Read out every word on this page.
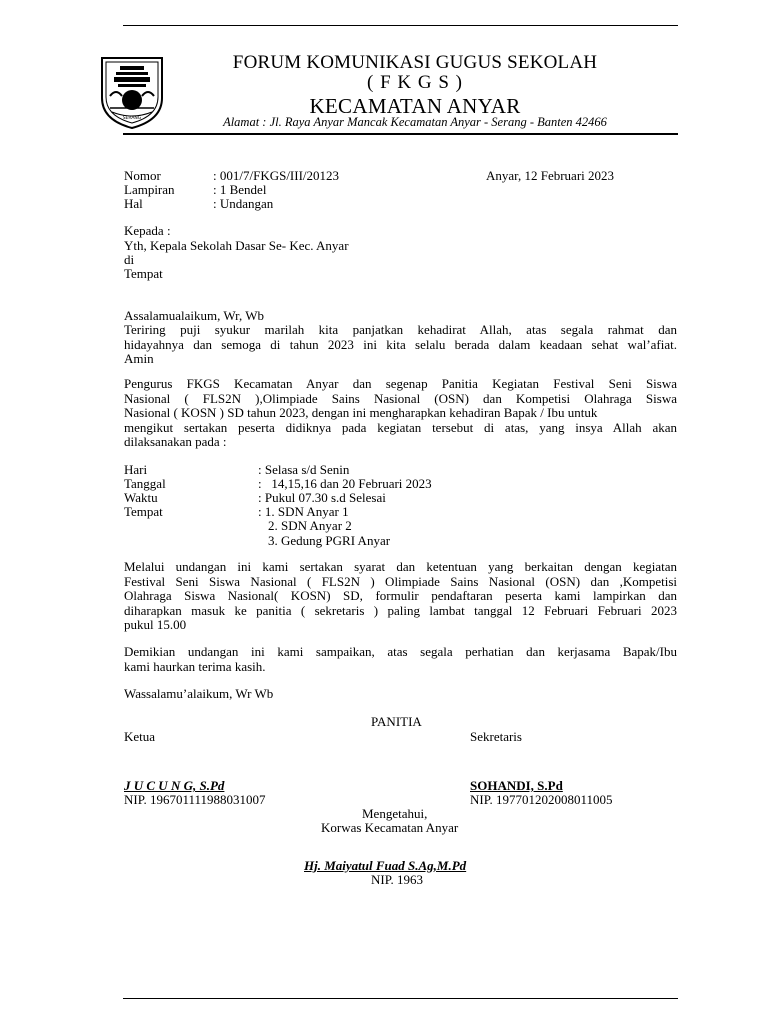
SERANG
FORUM KOMUNIKASI GUGUS SEKOLAH
( F K G S )
KECAMATAN ANYAR
Alamat : Jl. Raya Anyar Mancak Kecamatan Anyar - Serang - Banten 42466
Nomor	: 001/7/FKGS/III/20123	Anyar, 12 Februari 2023
Lampiran	: 1 Bendel
Hal	: Undangan
Kepada :
Yth, Kepala Sekolah Dasar Se- Kec. Anyar
di
Tempat
Assalamualaikum, Wr, Wb
Teriring puji syukur marilah kita panjatkan kehadirat Allah, atas segala rahmat dan
hidayahnya dan semoga di tahun 2023 ini kita selalu berada dalam keadaan sehat wal’afiat.
Amin
Pengurus FKGS Kecamatan Anyar dan segenap Panitia Kegiatan Festival Seni Siswa
Nasional ( FLS2N ),Olimpiade Sains Nasional (OSN) dan Kompetisi Olahraga Siswa
Nasional ( KOSN ) SD tahun 2023, dengan ini mengharapkan kehadiran Bapak / Ibu untuk
mengikut sertakan peserta didiknya pada kegiatan tersebut di atas, yang insya Allah akan
dilaksanakan pada :
Hari	: Selasa s/d Senin
Tanggal	:   14,15,16 dan 20 Februari 2023
Waktu	: Pukul 07.30 s.d Selesai
Tempat	: 1. SDN Anyar 1
2. SDN Anyar 2
3. Gedung PGRI Anyar
Melalui undangan ini kami sertakan syarat dan ketentuan yang berkaitan dengan kegiatan
Festival Seni Siswa Nasional ( FLS2N ) Olimpiade Sains Nasional (OSN) dan ,Kompetisi
Olahraga Siswa Nasional( KOSN) SD, formulir pendaftaran peserta kami lampirkan dan
diharapkan masuk ke panitia ( sekretaris ) paling lambat tanggal 12 Februari Februari 2023
pukul 15.00
Demikian undangan ini kami sampaikan, atas segala perhatian dan kerjasama Bapak/Ibu
kami haurkan terima kasih.
Wassalamu’alaikum, Wr Wb
PANITIA
Ketua	Sekretaris
J U C U N G, S.Pd	SOHANDI, S.Pd
NIP. 196701111988031007	NIP. 197701202008011005
Mengetahui,
Korwas Kecamatan Anyar
Hj. Maiyatul Fuad S.Ag,M.Pd
NIP. 1963
